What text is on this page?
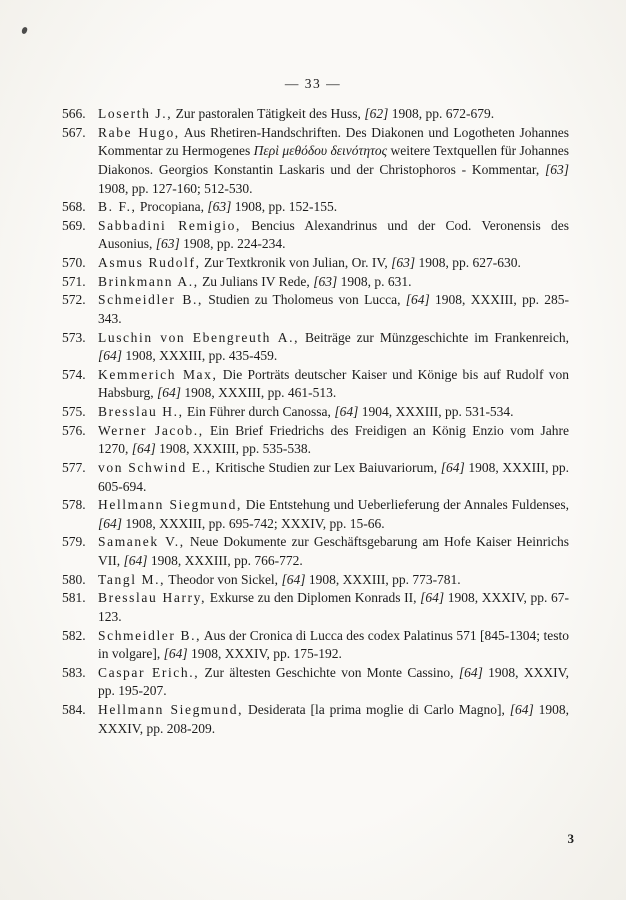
— 33 —
566. Loserth J., Zur pastoralen Tätigkeit des Huss, [62] 1908, pp. 672-679.

567. Rabe Hugo, Aus Rhetiren-Handschriften. Des Diakonen und Logotheten Johannes Kommentar zu Hermogenes Περὶ μεθόδου δεινότητος weitere Textquellen für Johannes Diakonos. Georgios Konstantin Laskaris und der Christophoros - Kommentar, [63] 1908, pp. 127-160; 512-530.

568. B. F., Procopiana, [63] 1908, pp. 152-155.

569. Sabbadini Remigio, Bencius Alexandrinus und der Cod. Veronensis des Ausonius, [63] 1908, pp. 224-234.

570. Asmus Rudolf, Zur Textkronik von Julian, Or. IV, [63] 1908, pp. 627-630.

571. Brinkmann A., Zu Julians IV Rede, [63] 1908, p. 631.

572. Schmeidler B., Studien zu Tholomeus von Lucca, [64] 1908, XXXIII, pp. 285-343.

573. Luschin von Ebengreuth A., Beiträge zur Münzgeschichte im Frankenreich, [64] 1908, XXXIII, pp. 435-459.

574. Kemmerich Max, Die Porträts deutscher Kaiser und Könige bis auf Rudolf von Habsburg, [64] 1908, XXXIII, pp. 461-513.

575. Bresslau H., Ein Führer durch Canossa, [64] 1904, XXXIII, pp. 531-534.

576. Werner Jacob., Ein Brief Friedrichs des Freidigen an König Enzio vom Jahre 1270, [64] 1908, XXXIII, pp. 535-538.

577. von Schwind E., Kritische Studien zur Lex Baiuvariorum, [64] 1908, XXXIII, pp. 605-694.

578. Hellmann Siegmund, Die Entstehung und Ueberlieferung der Annales Fuldenses, [64] 1908, XXXIII, pp. 695-742; XXXIV, pp. 15-66.

579. Samanek V., Neue Dokumente zur Geschäftsgebarung am Hofe Kaiser Heinrichs VII, [64] 1908, XXXIII, pp. 766-772.

580. Tangl M., Theodor von Sickel, [64] 1908, XXXIII, pp. 773-781.

581. Bresslau Harry, Exkurse zu den Diplomen Konrads II, [64] 1908, XXXIV, pp. 67-123.

582. Schmeidler B., Aus der Cronica di Lucca des codex Palatinus 571 [845-1304; testo in volgare], [64] 1908, XXXIV, pp. 175-192.

583. Caspar Erich., Zur ältesten Geschichte von Monte Cassino, [64] 1908, XXXIV, pp. 195-207.

584. Hellmann Siegmund, Desiderata [la prima moglie di Carlo Magno], [64] 1908, XXXIV, pp. 208-209.

3
